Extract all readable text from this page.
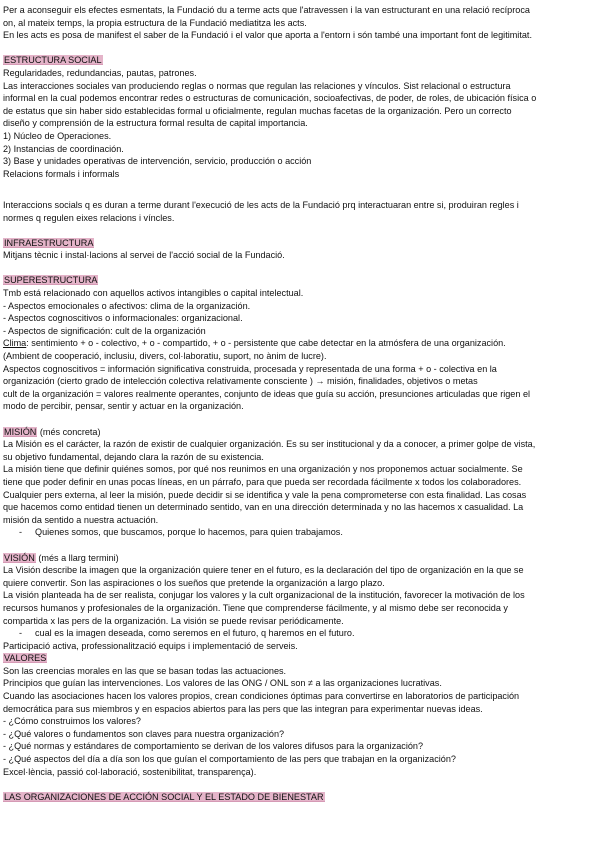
Per a aconseguir els efectes esmentats, la Fundació du a terme acts que l'atravessen i la van estructurant en una relació recíproca

on, al mateix temps, la propia estructura de la Fundació mediatitza les acts.

En les acts es posa de manifest el saber de la Fundació i el valor que aporta a l'entorn i són també una important font de legitimitat.

ESTRUCTURA SOCIAL

Regularidades, redundancias, pautas, patrones.

Las interacciones sociales van produciendo reglas o normas que regulan las relaciones y vínculos. Sist relacional o estructura

informal en la cual podemos encontrar redes o estructuras de comunicación, socioafectivas, de poder, de roles, de ubicación física o

de estatus que sin haber sido establecidas formal u oficialmente, regulan muchas facetas de la organización. Pero un correcto

diseño y comprensión de la estructura formal resulta de capital importancia.

1) Núcleo de Operaciones.

2) Instancias de coordinación.

3) Base y unidades operativas de intervención, servicio, producción o acción

Relacions formals i informals

Interaccions socials q es duran a terme durant l'execució de les acts de la Fundació prq interactuaran entre si, produiran regles i

normes q regulen eixes relacions i víncles.

INFRAESTRUCTURA

Mitjans tècnic i instal·lacions al servei de l'acció social de la Fundació.

SUPERESTRUCTURA

Tmb está relacionado con aquellos activos intangibles o capital intelectual.

- Aspectos emocionales o afectivos: clima de la organización.

- Aspectos cognoscitivos o informacionales: organizacional.

- Aspectos de significación: cult de la organización

Clima: sentimiento + o - colectivo, + o - compartido, + o - persistente que cabe detectar en la atmósfera de una organización.

(Ambient de cooperació, inclusiu, divers, col·laboratiu, suport, no ànim de lucre).

Aspectos cognoscitivos = información significativa construida, procesada y representada de una forma + o - colectiva en la

organización (cierto grado de intelección colectiva relativamente consciente ) → misión, finalidades, objetivos o metas

cult de la organización = valores realmente operantes, conjunto de ideas que guía su acción, presunciones articuladas que rigen el

modo de percibir, pensar, sentir y actuar en la organización.

MISIÓN (més concreta)

La Misión es el carácter, la razón de existir de cualquier organización. Es su ser institucional y da a conocer, a primer golpe de vista,

su objetivo fundamental, dejando clara la razón de su existencia.

La misión tiene que definir quiénes somos, por qué nos reunimos en una organización y nos proponemos actuar socialmente. Se

tiene que poder definir en unas pocas líneas, en un párrafo, para que pueda ser recordada fácilmente x todos los colaboradores.

Cualquier pers externa, al leer la misión, puede decidir si se identifica y vale la pena comprometerse con esta finalidad. Las cosas

que hacemos como entidad tienen un determinado sentido, van en una dirección determinada y no las hacemos x casualidad. La

misión da sentido a nuestra actuación.

- Quienes somos, que buscamos, porque lo hacemos, para quien trabajamos.

VISIÓN (més a llarg termini)

La Visión describe la imagen que la organización quiere tener en el futuro, es la declaración del tipo de organización en la que se

quiere convertir. Son las aspiraciones o los sueños que pretende la organización a largo plazo.

La visión planteada ha de ser realista, conjugar los valores y la cult organizacional de la institución, favorecer la motivación de los

recursos humanos y profesionales de la organización. Tiene que comprenderse fácilmente, y al mismo debe ser reconocida y

compartida x las pers de la organización. La visión se puede revisar periódicamente.

- cual es la imagen deseada, como seremos en el futuro, q haremos en el futuro.

Participació activa, professionalització equips i implementació de serveis.

VALORES

Son las creencias morales en las que se basan todas las actuaciones.

Principios que guían las intervenciones. Los valores de las ONG / ONL son ≠ a las organizaciones lucrativas.

Cuando las asociaciones hacen los valores propios, crean condiciones óptimas para convertirse en laboratorios de participación

democrática para sus miembros y en espacios abiertos para las pers que las integran para experimentar nuevas ideas.

- ¿Cómo construimos los valores?

- ¿Qué valores o fundamentos son claves para nuestra organización?

- ¿Qué normas y estándares de comportamiento se derivan de los valores difusos para la organización?

- ¿Qué aspectos del día a día son los que guían el comportamiento de las pers que trabajan en la organización?

Excel·lència, passió col·laboració, sostenibilitat, transparença).

LAS ORGANIZACIONES DE ACCIÓN SOCIAL Y EL ESTADO DE BIENESTAR
